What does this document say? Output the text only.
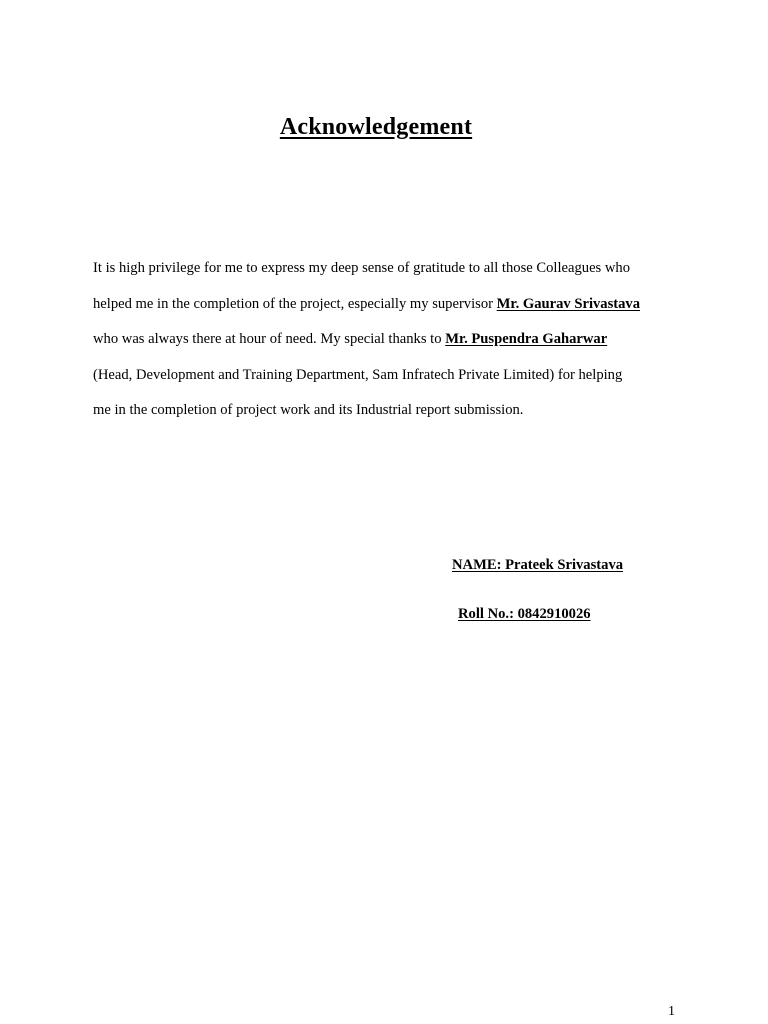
Acknowledgement
It is high privilege for me to express my deep sense of gratitude to all those Colleagues who
helped me in the completion of the project, especially my supervisor Mr. Gaurav Srivastava
who was always there at hour of need. My special thanks to Mr. Puspendra Gaharwar
(Head, Development and Training Department, Sam Infratech Private Limited) for helping
me in the completion of project work and its Industrial report submission.
NAME: Prateek Srivastava
Roll No.: 0842910026
1
